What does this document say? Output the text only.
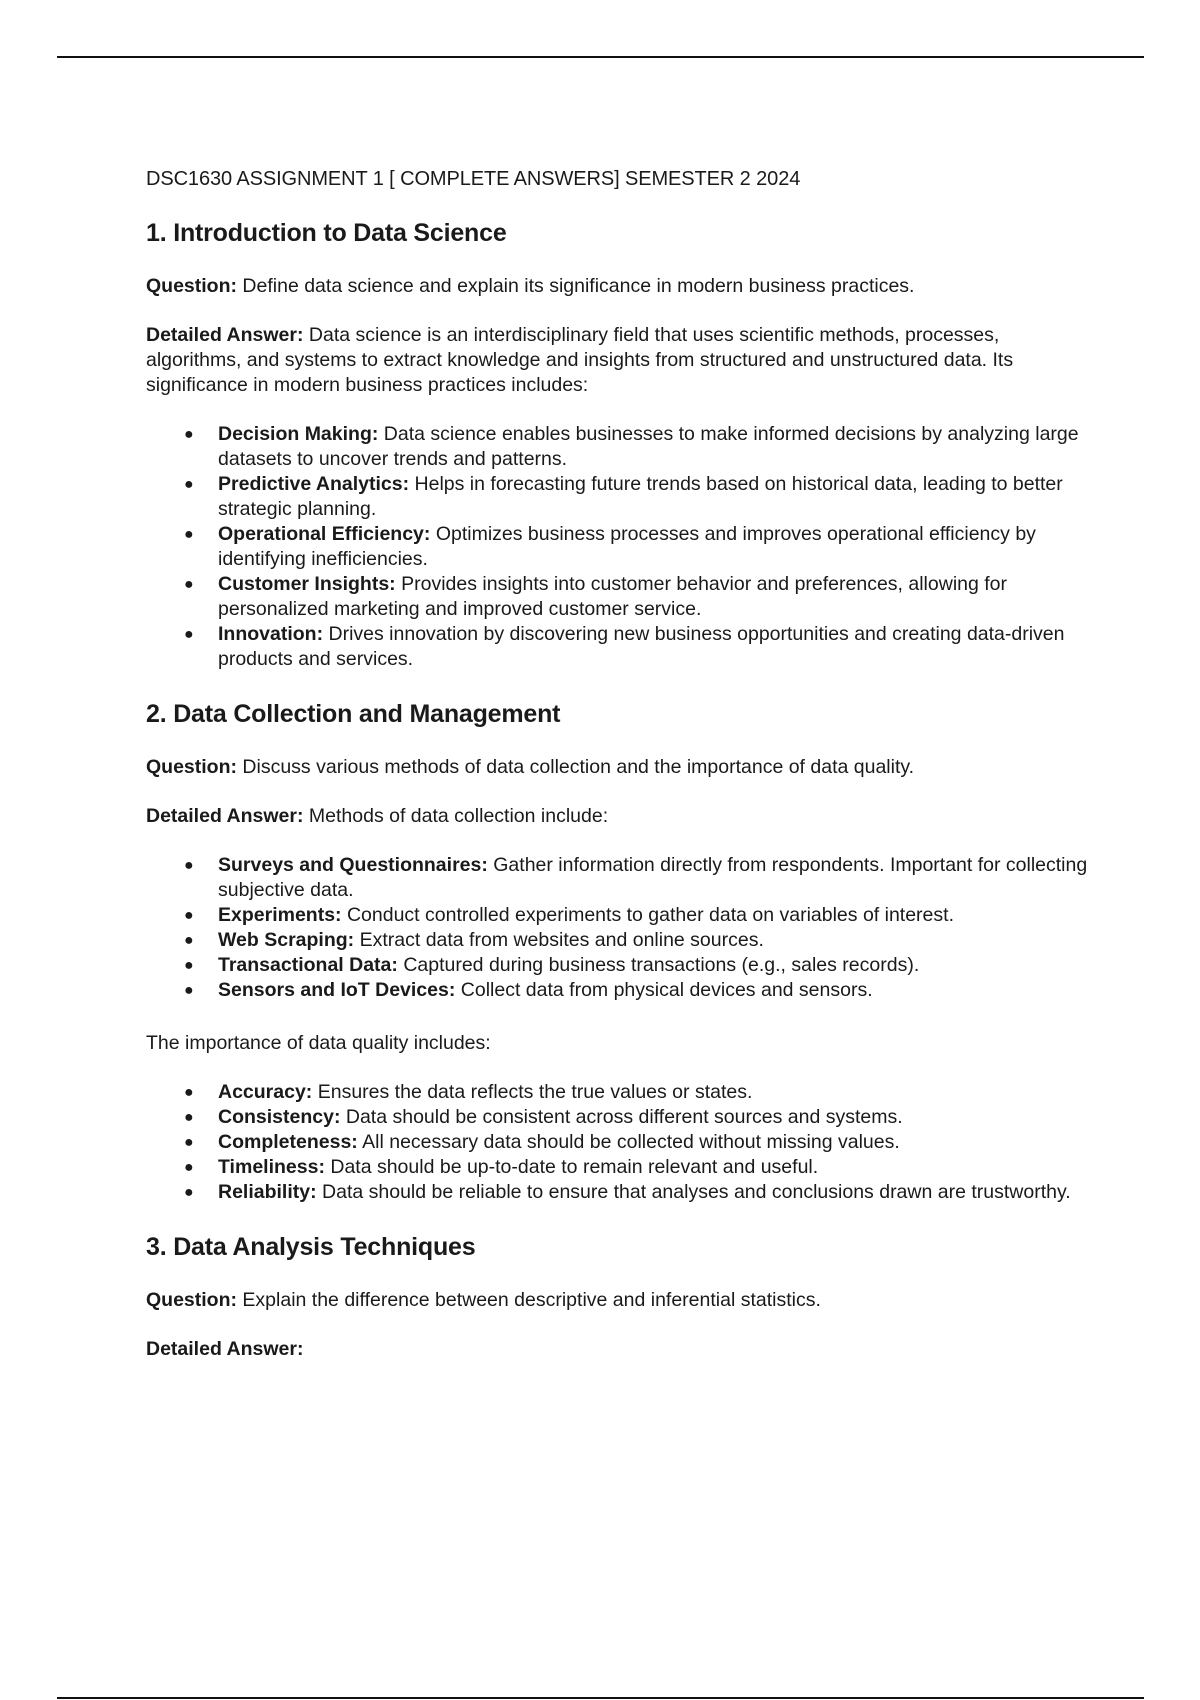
DSC1630 ASSIGNMENT 1 [ COMPLETE ANSWERS] SEMESTER 2 2024
1. Introduction to Data Science

Question: Define data science and explain its significance in modern business practices.

Detailed Answer: Data science is an interdisciplinary field that uses scientific methods, processes, algorithms, and systems to extract knowledge and insights from structured and unstructured data. Its significance in modern business practices includes:

● Decision Making: Data science enables businesses to make informed decisions by analyzing large datasets to uncover trends and patterns.
● Predictive Analytics: Helps in forecasting future trends based on historical data, leading to better strategic planning.
● Operational Efficiency: Optimizes business processes and improves operational efficiency by identifying inefficiencies.
● Customer Insights: Provides insights into customer behavior and preferences, allowing for personalized marketing and improved customer service.
● Innovation: Drives innovation by discovering new business opportunities and creating data-driven products and services.
2. Data Collection and Management

Question: Discuss various methods of data collection and the importance of data quality.

Detailed Answer: Methods of data collection include:

● Surveys and Questionnaires: Gather information directly from respondents. Important for collecting subjective data.
● Experiments: Conduct controlled experiments to gather data on variables of interest.
● Web Scraping: Extract data from websites and online sources.
● Transactional Data: Captured during business transactions (e.g., sales records).
● Sensors and IoT Devices: Collect data from physical devices and sensors.

The importance of data quality includes:

● Accuracy: Ensures the data reflects the true values or states.
● Consistency: Data should be consistent across different sources and systems.
● Completeness: All necessary data should be collected without missing values.
● Timeliness: Data should be up-to-date to remain relevant and useful.
● Reliability: Data should be reliable to ensure that analyses and conclusions drawn are trustworthy.
3. Data Analysis Techniques

Question: Explain the difference between descriptive and inferential statistics.

Detailed Answer:
